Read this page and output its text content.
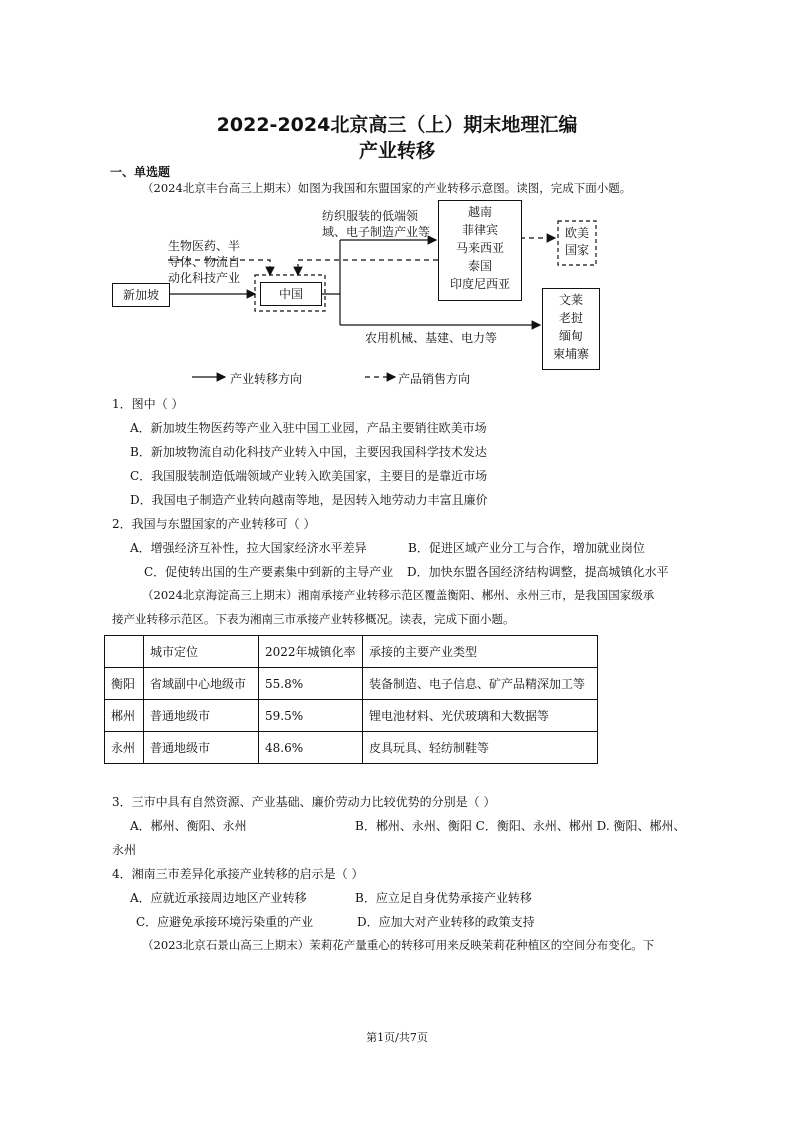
2022-2024北京高三（上）期末地理汇编
产业转移
一、单选题
（2024北京丰台高三上期末）如图为我国和东盟国家的产业转移示意图。读图，完成下面小题。
新加坡	中国
生物医药、半
导体、物流自
动化科技产业
纺织服装的低端领
域、电子制造产业等
越南
菲律宾
马来西亚
泰国
印度尼西亚
欧美
国家
文莱
老挝
缅甸
柬埔寨
农用机械、基建、电力等
产业转移方向	产品销售方向
1．图中（ ）
A．新加坡生物医药等产业入驻中国工业园，产品主要销往欧美市场
B．新加坡物流自动化科技产业转入中国，主要因我国科学技术发达
C．我国服装制造低端领域产业转入欧美国家，主要目的是靠近市场
D．我国电子制造产业转向越南等地，是因转入地劳动力丰富且廉价
2．我国与东盟国家的产业转移可（ ）
A．增强经济互补性，拉大国家经济水平差异	B．促进区域产业分工与合作，增加就业岗位
C．促使转出国的生产要素集中到新的主导产业 D．加快东盟各国经济结构调整，提高城镇化水平
（2024北京海淀高三上期末）湘南承接产业转移示范区覆盖衡阳、郴州、永州三市，是我国国家级承
接产业转移示范区。下表为湘南三市承接产业转移概况。读表，完成下面小题。
	城市定位	2022年城镇化率	承接的主要产业类型
衡阳	省域副中心地级市	55.8%	装备制造、电子信息、矿产品精深加工等
郴州	普通地级市	59.5%	锂电池材料、光伏玻璃和大数据等
永州	普通地级市	48.6%	皮具玩具、轻纺制鞋等
3．三市中具有自然资源、产业基础、廉价劳动力比较优势的分别是（ ）
A．郴州、衡阳、永州	B．郴州、永州、衡阳 C．衡阳、永州、郴州 D. 衡阳、郴州、
永州
4．湘南三市差异化承接产业转移的启示是（ ）
A．应就近承接周边地区产业转移	B．应立足自身优势承接产业转移
C．应避免承接环境污染重的产业	D．应加大对产业转移的政策支持
（2023北京石景山高三上期末）茉莉花产量重心的转移可用来反映茉莉花种植区的空间分布变化。下
第1页/共7页
